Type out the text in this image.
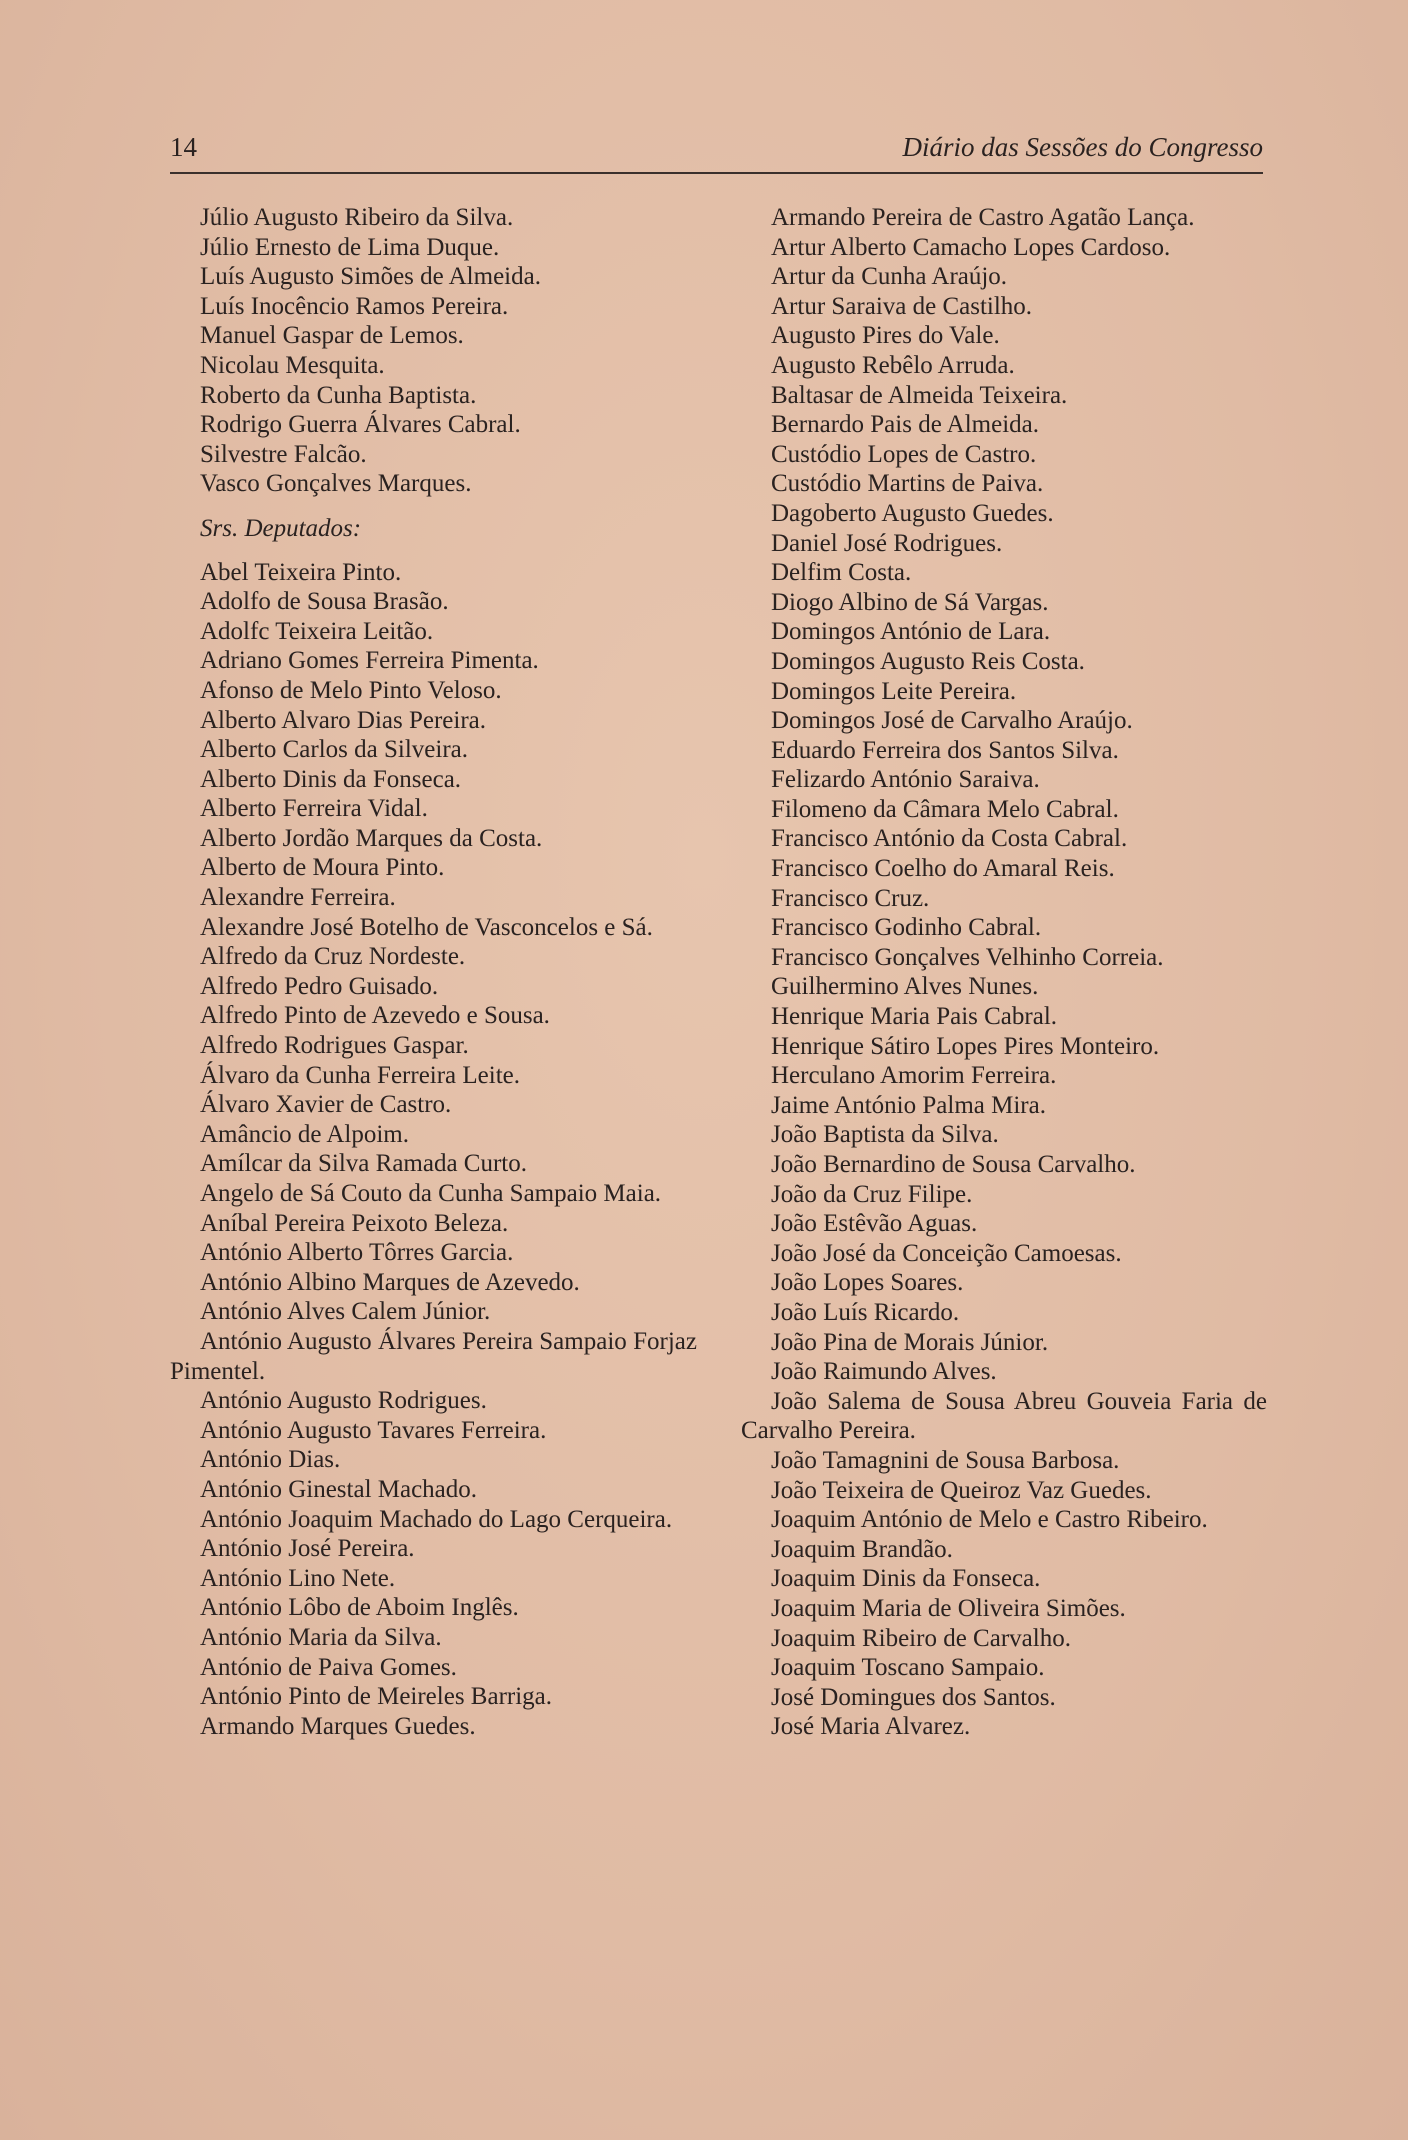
14	Diário das Sessões do Congresso

Júlio Augusto Ribeiro da Silva.

Júlio Ernesto de Lima Duque.

Luís Augusto Simões de Almeida.

Luís Inocêncio Ramos Pereira.

Manuel Gaspar de Lemos.

Nicolau Mesquita.

Roberto da Cunha Baptista.

Rodrigo Guerra Álvares Cabral.

Silvestre Falcão.

Vasco Gonçalves Marques.

Srs. Deputados:

Abel Teixeira Pinto.

Adolfo de Sousa Brasão.

Adolfc Teixeira Leitão.

Adriano Gomes Ferreira Pimenta.

Afonso de Melo Pinto Veloso.

Alberto Alvaro Dias Pereira.

Alberto Carlos da Silveira.

Alberto Dinis da Fonseca.

Alberto Ferreira Vidal.

Alberto Jordão Marques da Costa.

Alberto de Moura Pinto.

Alexandre Ferreira.

Alexandre José Botelho de Vasconcelos e Sá.

Alfredo da Cruz Nordeste.

Alfredo Pedro Guisado.

Alfredo Pinto de Azevedo e Sousa.

Alfredo Rodrigues Gaspar.

Álvaro da Cunha Ferreira Leite.

Álvaro Xavier de Castro.

Amâncio de Alpoim.

Amílcar da Silva Ramada Curto.

Angelo de Sá Couto da Cunha Sampaio Maia.

Aníbal Pereira Peixoto Beleza.

António Alberto Tôrres Garcia.

António Albino Marques de Azevedo.

António Alves Calem Júnior.

António Augusto Álvares Pereira Sampaio Forjaz Pimentel.

António Augusto Rodrigues.

António Augusto Tavares Ferreira.

António Dias.

António Ginestal Machado.

António Joaquim Machado do Lago Cerqueira.

António José Pereira.

António Lino Nete.

António Lôbo de Aboim Inglês.

António Maria da Silva.

António de Paiva Gomes.

António Pinto de Meireles Barriga.

Armando Marques Guedes.

Armando Pereira de Castro Agatão Lança.

Artur Alberto Camacho Lopes Cardoso.

Artur da Cunha Araújo.

Artur Saraiva de Castilho.

Augusto Pires do Vale.

Augusto Rebêlo Arruda.

Baltasar de Almeida Teixeira.

Bernardo Pais de Almeida.

Custódio Lopes de Castro.

Custódio Martins de Paiva.

Dagoberto Augusto Guedes.

Daniel José Rodrigues.

Delfim Costa.

Diogo Albino de Sá Vargas.

Domingos António de Lara.

Domingos Augusto Reis Costa.

Domingos Leite Pereira.

Domingos José de Carvalho Araújo.

Eduardo Ferreira dos Santos Silva.

Felizardo António Saraiva.

Filomeno da Câmara Melo Cabral.

Francisco António da Costa Cabral.

Francisco Coelho do Amaral Reis.

Francisco Cruz.

Francisco Godinho Cabral.

Francisco Gonçalves Velhinho Correia.

Guilhermino Alves Nunes.

Henrique Maria Pais Cabral.

Henrique Sátiro Lopes Pires Monteiro.

Herculano Amorim Ferreira.

Jaime António Palma Mira.

João Baptista da Silva.

João Bernardino de Sousa Carvalho.

João da Cruz Filipe.

João Estêvão Aguas.

João José da Conceição Camoesas.

João Lopes Soares.

João Luís Ricardo.

João Pina de Morais Júnior.

João Raimundo Alves.

João Salema de Sousa Abreu Gouveia Faria de Carvalho Pereira.

João Tamagnini de Sousa Barbosa.

João Teixeira de Queiroz Vaz Guedes.

Joaquim António de Melo e Castro Ribeiro.

Joaquim Brandão.

Joaquim Dinis da Fonseca.

Joaquim Maria de Oliveira Simões.

Joaquim Ribeiro de Carvalho.

Joaquim Toscano Sampaio.

José Domingues dos Santos.

José Maria Alvarez.
